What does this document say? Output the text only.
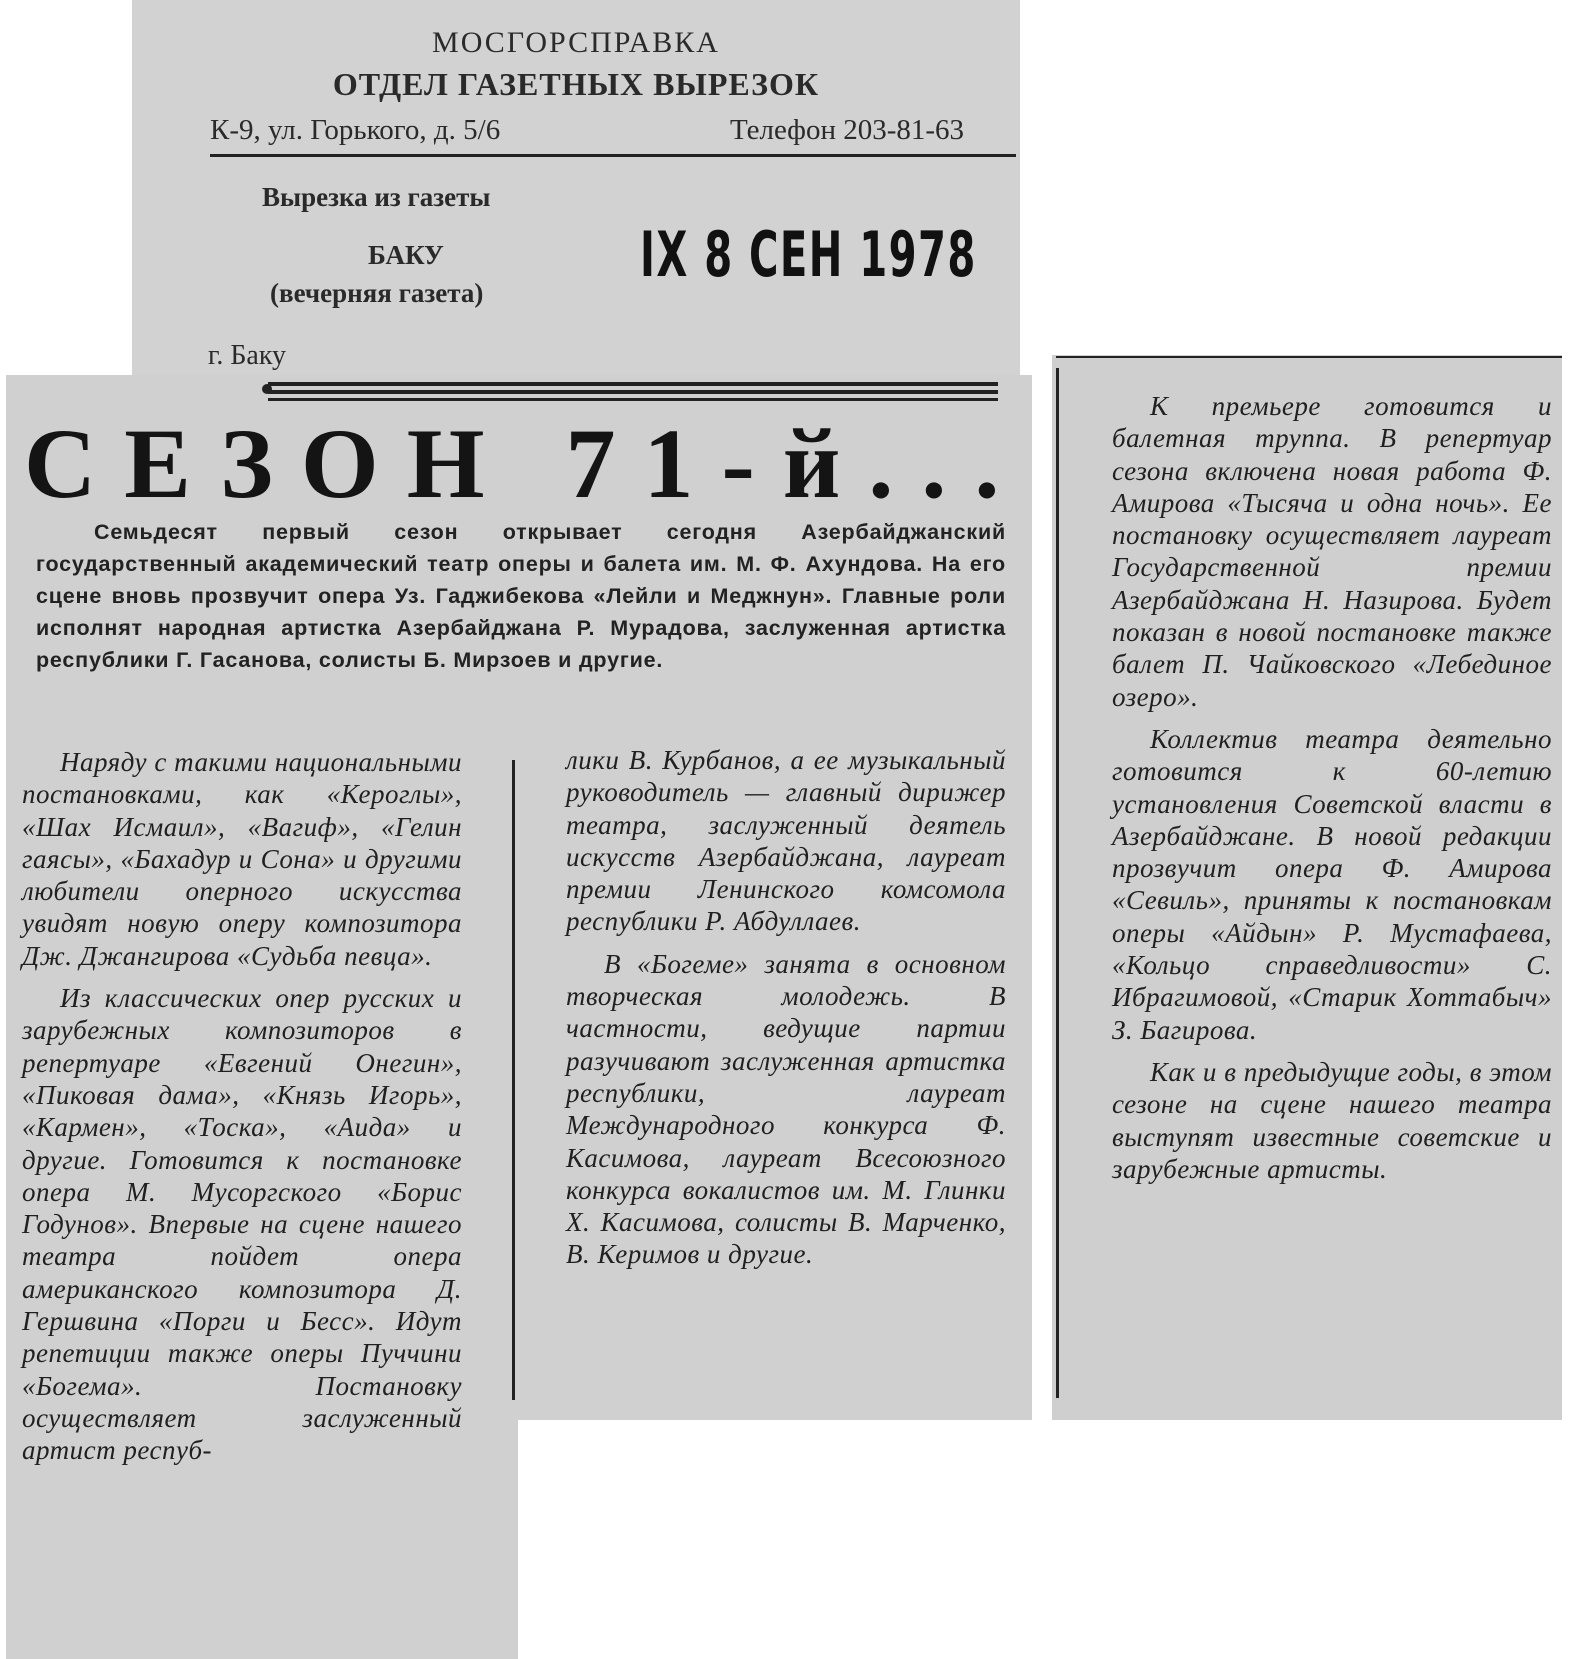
МОСГОРСПРАВКА
ОТДЕЛ ГАЗЕТНЫХ ВЫРЕЗОК
К-9, ул. Горького, д. 5/6	Телефон 203-81-63
Вырезка из газеты
БАКУ
(вечерняя газета)
г. Баку
IX 8 СЕН 1978
СЕЗОН 71-й...
Семьдесят первый сезон открывает сегодня Азербайджанский государственный академический театр оперы и балета им. М. Ф. Ахундова. На его сцене вновь прозвучит опера Уз. Гаджибекова «Лейли и Меджнун». Главные роли исполнят народная артистка Азербайджана Р. Мурадова, заслуженная артистка республики Г. Гасанова, солисты Б. Мирзоев и другие.

Наряду с такими национальными постановками, как «Кероглы», «Шах Исмаил», «Вагиф», «Гелин гаясы», «Бахадур и Сона» и другими любители оперного искусства увидят новую оперу композитора Дж. Джангирова «Судьба певца».

Из классических опер русских и зарубежных композиторов в репертуаре «Евгений Онегин», «Пиковая дама», «Князь Игорь», «Кармен», «Тоска», «Аида» и другие. Готовится к постановке опера М. Мусоргского «Борис Годунов». Впервые на сцене нашего театра пойдет опера американского композитора Д. Гершвина «Порги и Бесс». Идут репетиции также оперы Пуччини «Богема». Постановку осуществляет заслуженный артист респуб-

лики В. Курбанов, а ее музыкальный руководитель — главный дирижер театра, заслуженный деятель искусств Азербайджана, лауреат премии Ленинского комсомола республики Р. Абдуллаев.

В «Богеме» занята в основном творческая молодежь. В частности, ведущие партии разучивают заслуженная артистка республики, лауреат Международного конкурса Ф. Касимова, лауреат Всесоюзного конкурса вокалистов им. М. Глинки Х. Касимова, солисты В. Марченко, В. Керимов и другие.

К премьере готовится и балетная труппа. В репертуар сезона включена новая работа Ф. Амирова «Тысяча и одна ночь». Ее постановку осуществляет лауреат Государственной премии Азербайджана Н. Назирова. Будет показан в новой постановке также балет П. Чайковского «Лебединое озеро».

Коллектив театра деятельно готовится к 60-летию установления Советской власти в Азербайджане. В новой редакции прозвучит опера Ф. Амирова «Севиль», приняты к постановкам оперы «Айдын» Р. Мустафаева, «Кольцо справедливости» С. Ибрагимовой, «Старик Хоттабыч» З. Багирова.

Как и в предыдущие годы, в этом сезоне на сцене нашего театра выступят известные советские и зарубежные артисты.
